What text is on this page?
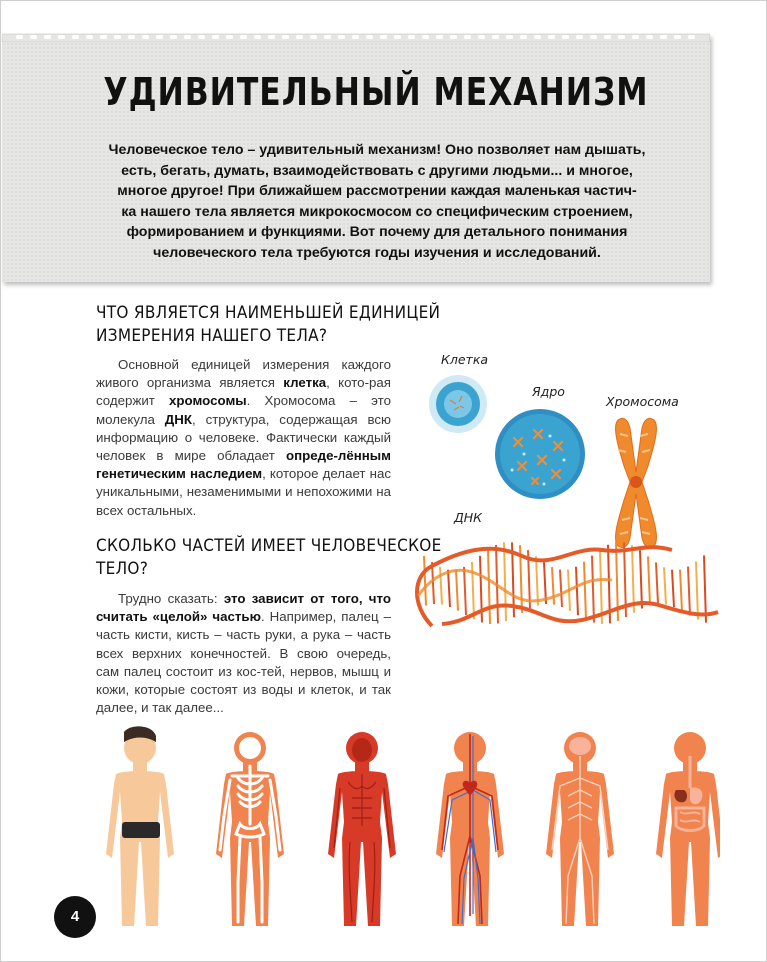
УДИВИТЕЛЬНЫЙ МЕХАНИЗМ
Человеческое тело – удивительный механизм! Оно позволяет нам дышать,
есть, бегать, думать, взаимодействовать с другими людьми... и многое,
многое другое! При ближайшем рассмотрении каждая маленькая частич-
ка нашего тела является микрокосмосом со специфическим строением,
формированием и функциями. Вот почему для детального понимания
человеческого тела требуются годы изучения и исследований.
ЧТО ЯВЛЯЕТСЯ НАИМЕНЬШЕЙ ЕДИНИЦЕЙ
ИЗМЕРЕНИЯ НАШЕГО ТЕЛА?
Основной единицей измерения каждого живого организма является клетка, кото-рая содержит хромосомы. Хромосома – это молекула ДНК, структура, содержащая всю информацию о человеке. Фактически каждый человек в мире обладает опреде-лённым генетическим наследием, которое делает нас уникальными, незаменимыми и непохожими на всех остальных.
СКОЛЬКО ЧАСТЕЙ ИМЕЕТ ЧЕЛОВЕЧЕСКОЕ
ТЕЛО?
Трудно сказать: это зависит от того, что считать «целой» частью. Например, палец – часть кисти, кисть – часть руки, а рука – часть всех верхних конечностей. В свою очередь, сам палец состоит из кос-тей, нервов, мышц и кожи, которые состоят из воды и клеток, и так далее, и так далее...
Клетка
Ядро
Хромосома
ДНК
4
